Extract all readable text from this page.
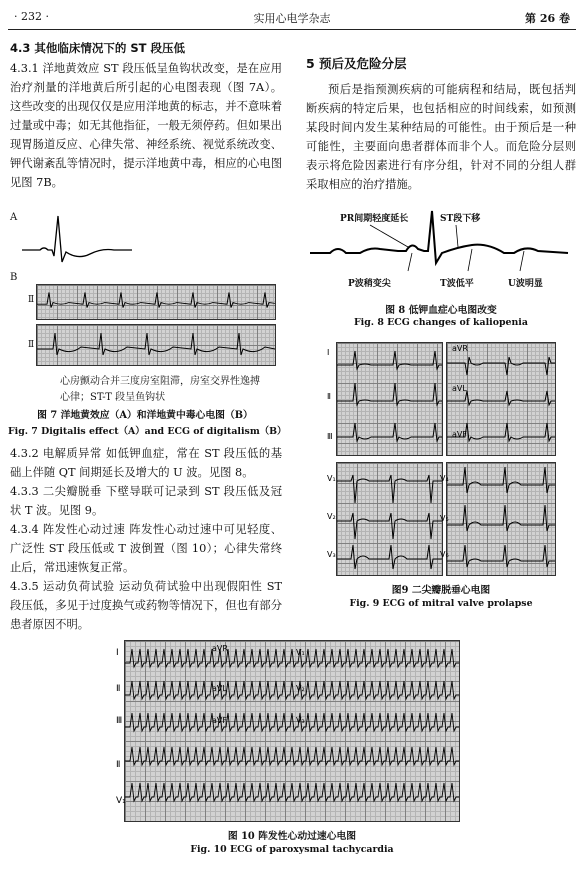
· 232 ·	实用心电学杂志	第 26 卷
4.3 其他临床情况下的 ST 段压低

4.3.1 洋地黄效应 ST 段压低呈鱼钩状改变，是在应用治疗剂量的洋地黄后所引起的心电图表现（图 7A）。这些改变的出现仅仅是应用洋地黄的标志，并不意味着过量或中毒；如无其他指征，一般无须停药。但如果出现胃肠道反应、心律失常、神经系统、视觉系统改变、钾代谢紊乱等情况时，提示洋地黄中毒，相应的心电图见图 7B。

A
B
Ⅱ
Ⅱ
心房颤动合并三度房室阻滞，房室交界性逸搏
心律；ST-T 段呈鱼钩状
图 7 洋地黄效应（A）和洋地黄中毒心电图（B）
Fig. 7 Digitalis effect（A）and ECG of digitalism（B）

4.3.2 电解质异常 如低钾血症，常在 ST 段压低的基础上伴随 QT 间期延长及增大的 U 波。见图 8。

4.3.3 二尖瓣脱垂 下壁导联可记录到 ST 段压低及冠状 T 波。见图 9。

4.3.4 阵发性心动过速 阵发性心动过速中可见轻度、广泛性 ST 段压低或 T 波倒置（图 10）；心律失常终止后，常迅速恢复正常。

4.3.5 运动负荷试验 运动负荷试验中出现假阳性 ST 段压低，多见于过度换气或药物等情况下，但也有部分患者原因不明。

5 预后及危险分层

预后是指预测疾病的可能病程和结局，既包括判断疾病的特定后果，也包括相应的时间线索，如预测某段时间内发生某种结局的可能性。由于预后是一种可能性，主要面向患者群体而非个人。而危险分层则表示将危险因素进行有序分组，针对不同的分组人群采取相应的治疗措施。

PR间期轻度延长	ST段下移
P波稍变尖	T波低平	U波明显
图 8 低钾血症心电图改变
Fig. 8 ECG changes of kaliopenia
Ⅰ
Ⅱ
Ⅲ
aVR
aVL
aVF
V₁
V₂
V₃
V₄
V₅
V₆
图9 二尖瓣脱垂心电图
Fig. 9 ECG of mitral valve prolapse
Ⅰ
Ⅱ
Ⅲ
Ⅱ
V₁
aVR
aVL
aVF
V₁
V₂
V₃
图 10 阵发性心动过速心电图
Fig. 10 ECG of paroxysmal tachycardia
